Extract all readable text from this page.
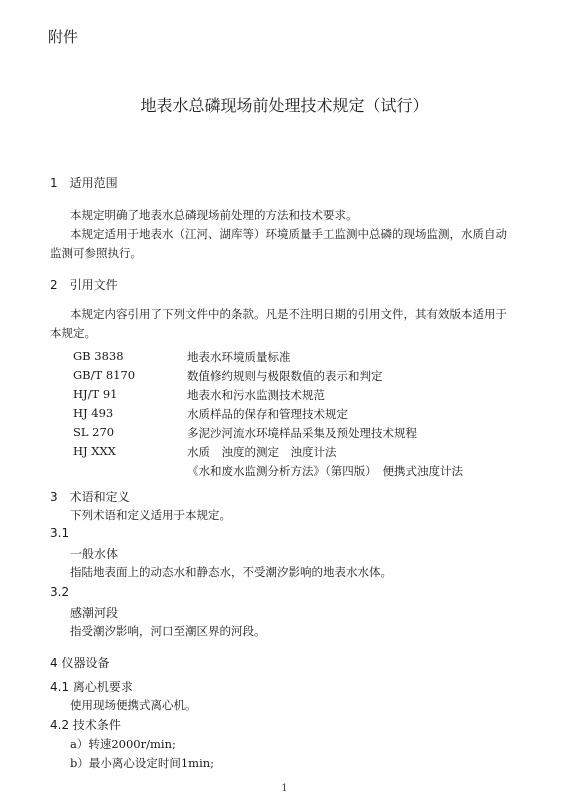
附件
地表水总磷现场前处理技术规定（试行）
1　适用范围
本规定明确了地表水总磷现场前处理的方法和技术要求。
本规定适用于地表水（江河、湖库等）环境质量手工监测中总磷的现场监测，水质自动
监测可参照执行。
2　引用文件
本规定内容引用了下列文件中的条款。凡是不注明日期的引用文件，其有效版本适用于
本规定。
GB 3838	地表水环境质量标准
GB/T 8170	数值修约规则与极限数值的表示和判定
HJ/T 91	地表水和污水监测技术规范
HJ 493	水质样品的保存和管理技术规定
SL 270	多泥沙河流水环境样品采集及预处理技术规程
HJ XXX	水质　浊度的测定　浊度计法
《水和废水监测分析方法》（第四版）　便携式浊度计法
3　术语和定义
下列术语和定义适用于本规定。
3.1
一般水体
指陆地表面上的动态水和静态水，不受潮汐影响的地表水水体。
3.2
感潮河段
指受潮汐影响，河口至潮区界的河段。
4 仪器设备
4.1 离心机要求
使用现场便携式离心机。
4.2 技术条件
a）转速2000r/min;
b）最小离心设定时间1min;
1
